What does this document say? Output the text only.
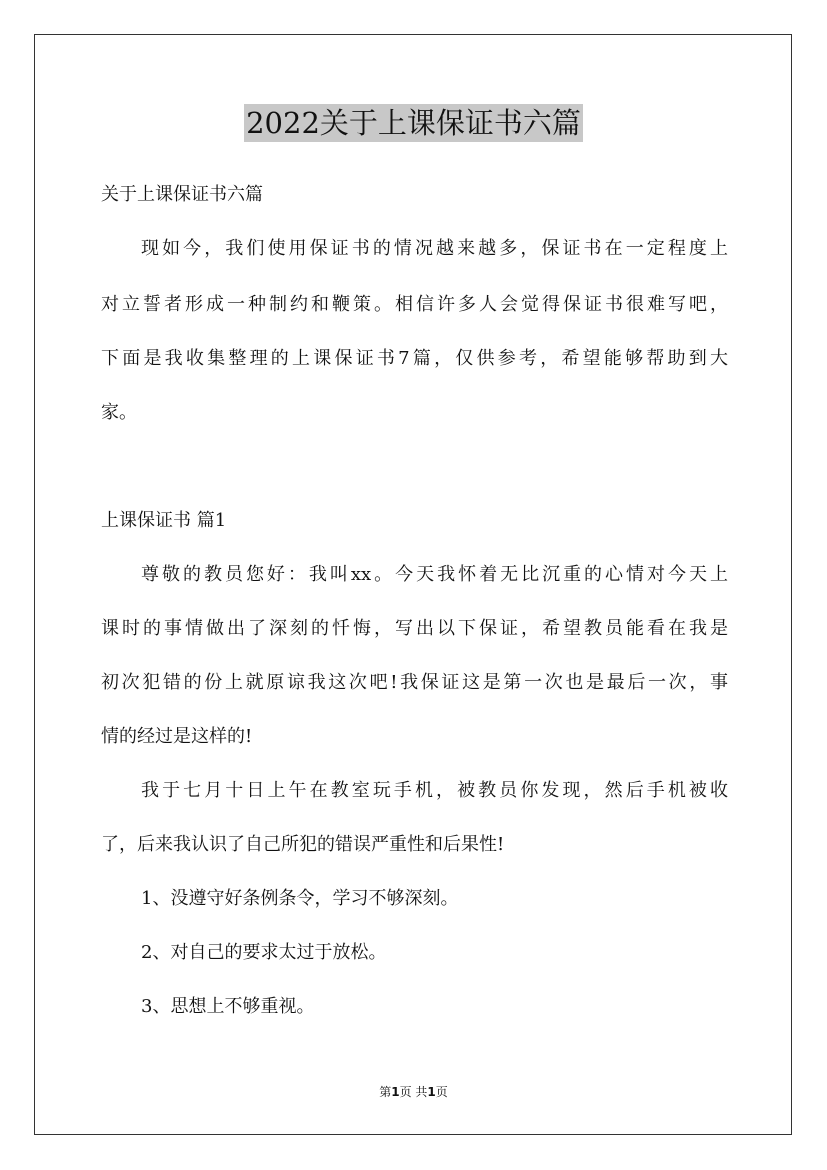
2022关于上课保证书六篇
关于上课保证书六篇
现如今，我们使用保证书的情况越来越多，保证书在一定程度上
对立誓者形成一种制约和鞭策。相信许多人会觉得保证书很难写吧，
下面是我收集整理的上课保证书7篇，仅供参考，希望能够帮助到大
家。
上课保证书 篇1
尊敬的教员您好：我叫xx。今天我怀着无比沉重的心情对今天上
课时的事情做出了深刻的忏悔，写出以下保证，希望教员能看在我是
初次犯错的份上就原谅我这次吧!我保证这是第一次也是最后一次，事
情的经过是这样的!
我于七月十日上午在教室玩手机，被教员你发现，然后手机被收
了，后来我认识了自己所犯的错误严重性和后果性!
1、没遵守好条例条令，学习不够深刻。
2、对自己的要求太过于放松。
3、思想上不够重视。
第1页 共1页
